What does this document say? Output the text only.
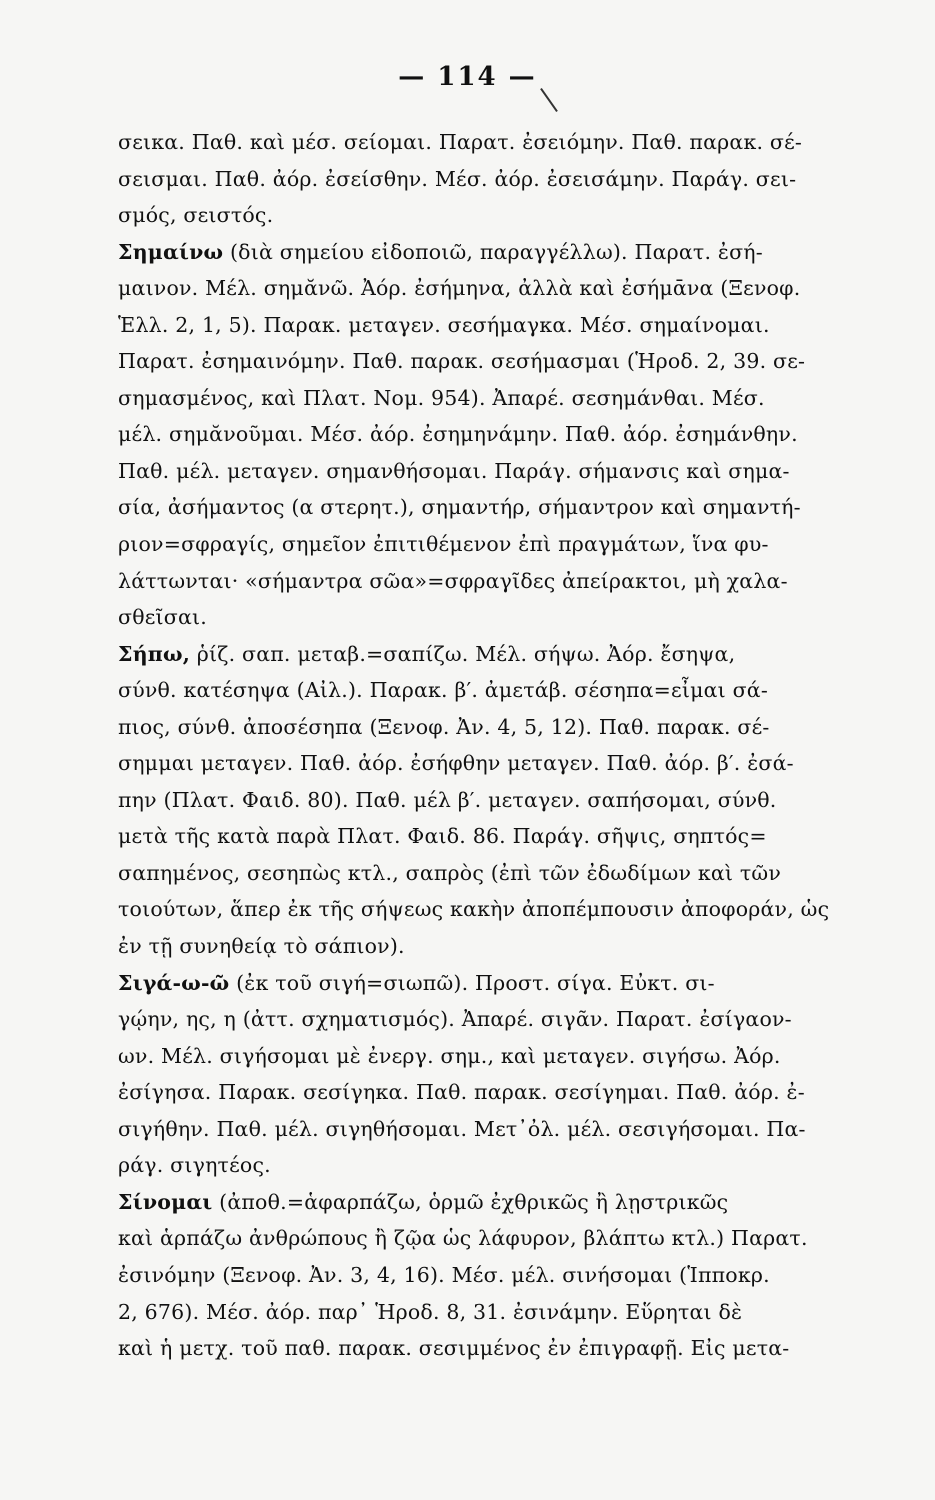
— 114 —
σεικα. Παθ. καὶ μέσ. σείομαι. Παρατ. ἐσειόμην. Παθ. παρακ. σέ-
σεισμαι. Παθ. ἀόρ. ἐσείσθην. Μέσ. ἀόρ. ἐσεισάμην. Παράγ. σει-
σμός, σειστός.
Σημαίνω (διὰ σημείου εἰδοποιῶ, παραγγέλλω). Παρατ. ἐσή-
μαινον. Μέλ. σημᾰνῶ. Ἀόρ. ἐσήμηνα, ἀλλὰ καὶ ἐσήμᾱνα (Ξενοφ.
Ἑλλ. 2, 1, 5). Παρακ. μεταγεν. σεσήμαγκα. Μέσ. σημαίνομαι.
Παρατ. ἐσημαινόμην. Παθ. παρακ. σεσήμασμαι (Ἡροδ. 2, 39. σε-
σημασμένος, καὶ Πλατ. Νομ. 954). Ἀπαρέ. σεσημάνθαι. Μέσ.
μέλ. σημᾰνοῦμαι. Μέσ. ἀόρ. ἐσημηνάμην. Παθ. ἀόρ. ἐσημάνθην.
Παθ. μέλ. μεταγεν. σημανθήσομαι. Παράγ. σήμανσις καὶ σημα-
σία, ἀσήμαντος (α στερητ.), σημαντήρ, σήμαντρον καὶ σημαντή-
ριον=σφραγίς, σημεῖον ἐπιτιθέμενον ἐπὶ πραγμάτων, ἵνα φυ-
λάττωνται· «σήμαντρα σῶα»=σφραγῖδες ἀπείρακτοι, μὴ χαλα-
σθεῖσαι.
Σήπω, ῥίζ. σαπ. μεταβ.=σαπίζω. Μέλ. σήψω. Ἀόρ. ἔσηψα,
σύνθ. κατέσηψα (Αἰλ.). Παρακ. β′. ἀμετάβ. σέσηπα=εἶμαι σά-
πιος, σύνθ. ἀποσέσηπα (Ξενοφ. Ἀν. 4, 5, 12). Παθ. παρακ. σέ-
σημμαι μεταγεν. Παθ. ἀόρ. ἐσήφθην μεταγεν. Παθ. ἀόρ. β′. ἐσά-
πην (Πλατ. Φαιδ. 80). Παθ. μέλ β′. μεταγεν. σαπήσομαι, σύνθ.
μετὰ τῆς κατὰ παρὰ Πλατ. Φαιδ. 86. Παράγ. σῆψις, σηπτός=
σαπημένος, σεσηπὼς κτλ., σαπρὸς (ἐπὶ τῶν ἐδωδίμων καὶ τῶν
τοιούτων, ἅπερ ἐκ τῆς σήψεως κακὴν ἀποπέμπουσιν ἀποφοράν, ὡς
ἐν τῇ συνηθείᾳ τὸ σάπιον).
Σιγά-ω-ῶ (ἐκ τοῦ σιγή=σιωπῶ). Προστ. σίγα. Εὐκτ. σι-
γῴην, ης, η (ἀττ. σχηματισμός). Ἀπαρέ. σιγᾶν. Παρατ. ἐσίγαον-
ων. Μέλ. σιγήσομαι μὲ ἐνεργ. σημ., καὶ μεταγεν. σιγήσω. Ἀόρ.
ἐσίγησα. Παρακ. σεσίγηκα. Παθ. παρακ. σεσίγημαι. Παθ. ἀόρ. ἐ-
σιγήθην. Παθ. μέλ. σιγηθήσομαι. Μετ᾽ὀλ. μέλ. σεσιγήσομαι. Πα-
ράγ. σιγητέος.
Σίνομαι (ἀποθ.=ἁφαρπάζω, ὁρμῶ ἐχθρικῶς ἢ λῃστρικῶς
καὶ ἁρπάζω ἀνθρώπους ἢ ζῷα ὡς λάφυρον, βλάπτω κτλ.) Παρατ.
ἐσινόμην (Ξενοφ. Ἀν. 3, 4, 16). Μέσ. μέλ. σινήσομαι (Ἱπποκρ.
2, 676). Μέσ. ἀόρ. παρ᾽ Ἡροδ. 8, 31. ἐσινάμην. Εὕρηται δὲ
καὶ ἡ μετχ. τοῦ παθ. παρακ. σεσιμμένος ἐν ἐπιγραφῇ. Εἰς μετα-
